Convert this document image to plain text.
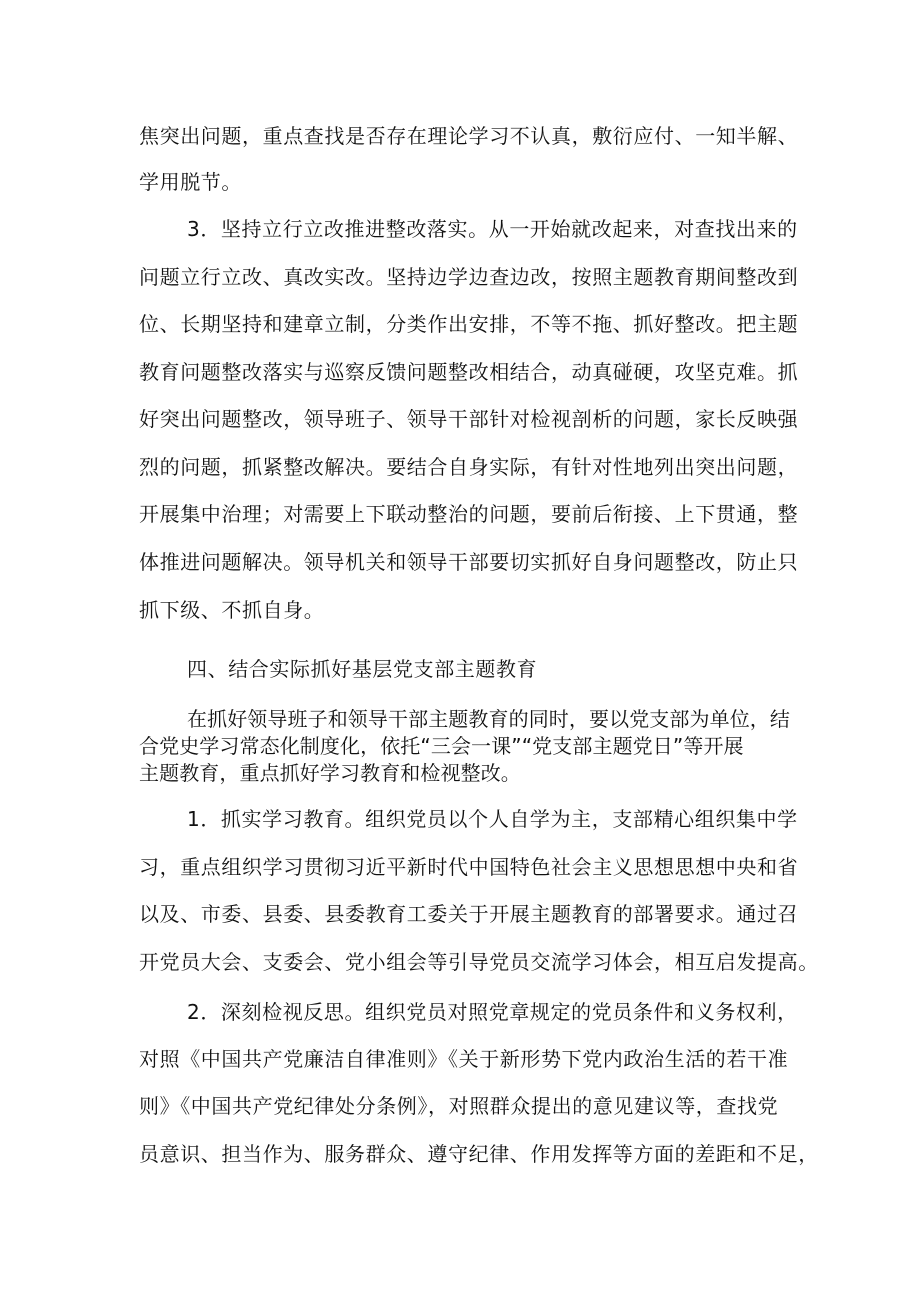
焦突出问题，重点查找是否存在理论学习不认真，敷衍应付、一知半解、
学用脱节。
3．坚持立行立改推进整改落实。从一开始就改起来，对查找出来的
问题立行立改、真改实改。坚持边学边查边改，按照主题教育期间整改到
位、长期坚持和建章立制，分类作出安排，不等不拖、抓好整改。把主题
教育问题整改落实与巡察反馈问题整改相结合，动真碰硬，攻坚克难。抓
好突出问题整改，领导班子、领导干部针对检视剖析的问题，家长反映强
烈的问题，抓紧整改解决。要结合自身实际，有针对性地列出突出问题，
开展集中治理；对需要上下联动整治的问题，要前后衔接、上下贯通，整
体推进问题解决。领导机关和领导干部要切实抓好自身问题整改，防止只
抓下级、不抓自身。
四、结合实际抓好基层党支部主题教育
在抓好领导班子和领导干部主题教育的同时，要以党支部为单位，结
合党史学习常态化制度化，依托“三会一课”“党支部主题党日”等开展
主题教育，重点抓好学习教育和检视整改。
1．抓实学习教育。组织党员以个人自学为主，支部精心组织集中学
习，重点组织学习贯彻习近平新时代中国特色社会主义思想思想中央和省
以及、市委、县委、县委教育工委关于开展主题教育的部署要求。通过召
开党员大会、支委会、党小组会等引导党员交流学习体会，相互启发提高。
2．深刻检视反思。组织党员对照党章规定的党员条件和义务权利，
对照《中国共产党廉洁自律准则》《关于新形势下党内政治生活的若干准
则》《中国共产党纪律处分条例》，对照群众提出的意见建议等，查找党
员意识、担当作为、服务群众、遵守纪律、作用发挥等方面的差距和不足，
